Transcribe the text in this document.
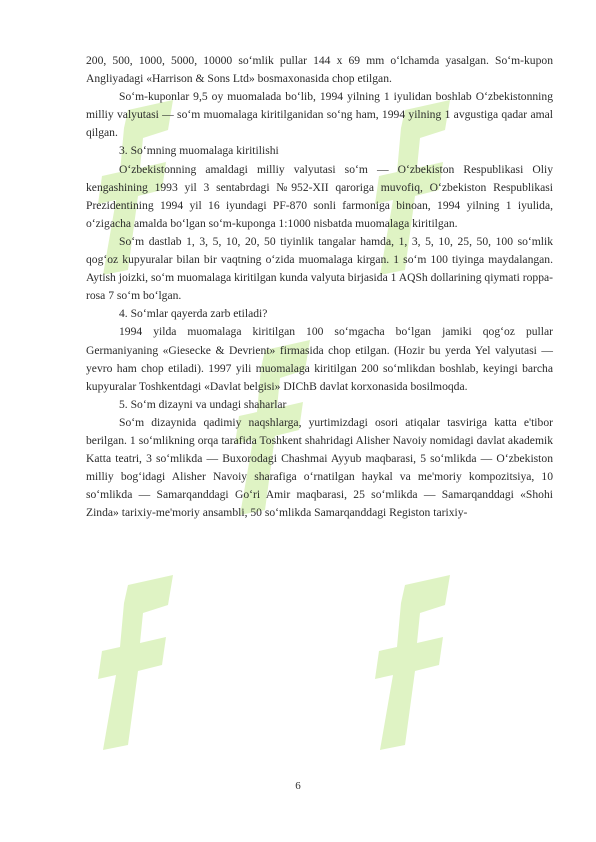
200, 500, 1000, 5000, 10000 so‘mlik pullar 144 x 69 mm o‘lchamda yasalgan. So‘m-kupon Angliyadagi «Harrison & Sons Ltd» bosmaxonasida chop etilgan.

So‘m-kuponlar 9,5 oy muomalada bo‘lib, 1994 yilning 1 iyulidan boshlab O‘zbekistonning milliy valyutasi — so‘m muomalaga kiritilganidan so‘ng ham, 1994 yilning 1 avgustiga qadar amal qilgan.

3. So‘mning muomalaga kiritilishi

O‘zbekistonning amaldagi milliy valyutasi so‘m — O‘zbekiston Respublikasi Oliy kengashining 1993 yil 3 sentabrdagi №952-XII qaroriga muvofiq, O‘zbekiston Respublikasi Prezidentining 1994 yil 16 iyundagi PF-870 sonli farmoniga binoan, 1994 yilning 1 iyulida, o‘zigacha amalda bo‘lgan so‘m-kuponga 1:1000 nisbatda muomalaga kiritilgan.

So‘m dastlab 1, 3, 5, 10, 20, 50 tiyinlik tangalar hamda, 1, 3, 5, 10, 25, 50, 100 so‘mlik qog‘oz kupyuralar bilan bir vaqtning o‘zida muomalaga kirgan. 1 so‘m 100 tiyinga maydalangan. Aytish joizki, so‘m muomalaga kiritilgan kunda valyuta birjasida 1 AQSh dollarining qiymati roppa-rosa 7 so‘m bo‘lgan.

4. So‘mlar qayerda zarb etiladi?

1994 yilda muomalaga kiritilgan 100 so‘mgacha bo‘lgan jamiki qog‘oz pullar Germaniyaning «Giesecke & Devrient» firmasida chop etilgan. (Hozir bu yerda Yel valyutasi — yevro ham chop etiladi). 1997 yili muomalaga kiritilgan 200 so‘mlikdan boshlab, keyingi barcha kupyuralar Toshkentdagi «Davlat belgisi» DIChB davlat korxonasida bosilmoqda.

5. So‘m dizayni va undagi shaharlar

So‘m dizaynida qadimiy naqshlarga, yurtimizdagi osori atiqalar tasviriga katta e'tibor berilgan. 1 so‘mlikning orqa tarafida Toshkent shahridagi Alisher Navoiy nomidagi davlat akademik Katta teatri, 3 so‘mlikda — Buxorodagi Chashmai Ayyub maqbarasi, 5 so‘mlikda — O‘zbekiston milliy bog‘idagi Alisher Navoiy sharafiga o‘rnatilgan haykal va me'moriy kompozitsiya, 10 so‘mlikda — Samarqanddagi Go‘ri Amir maqbarasi, 25 so‘mlikda — Samarqanddagi «Shohi Zinda» tarixiy-me'moriy ansambli, 50 so‘mlikda Samarqanddagi Registon tarixiy-

6
